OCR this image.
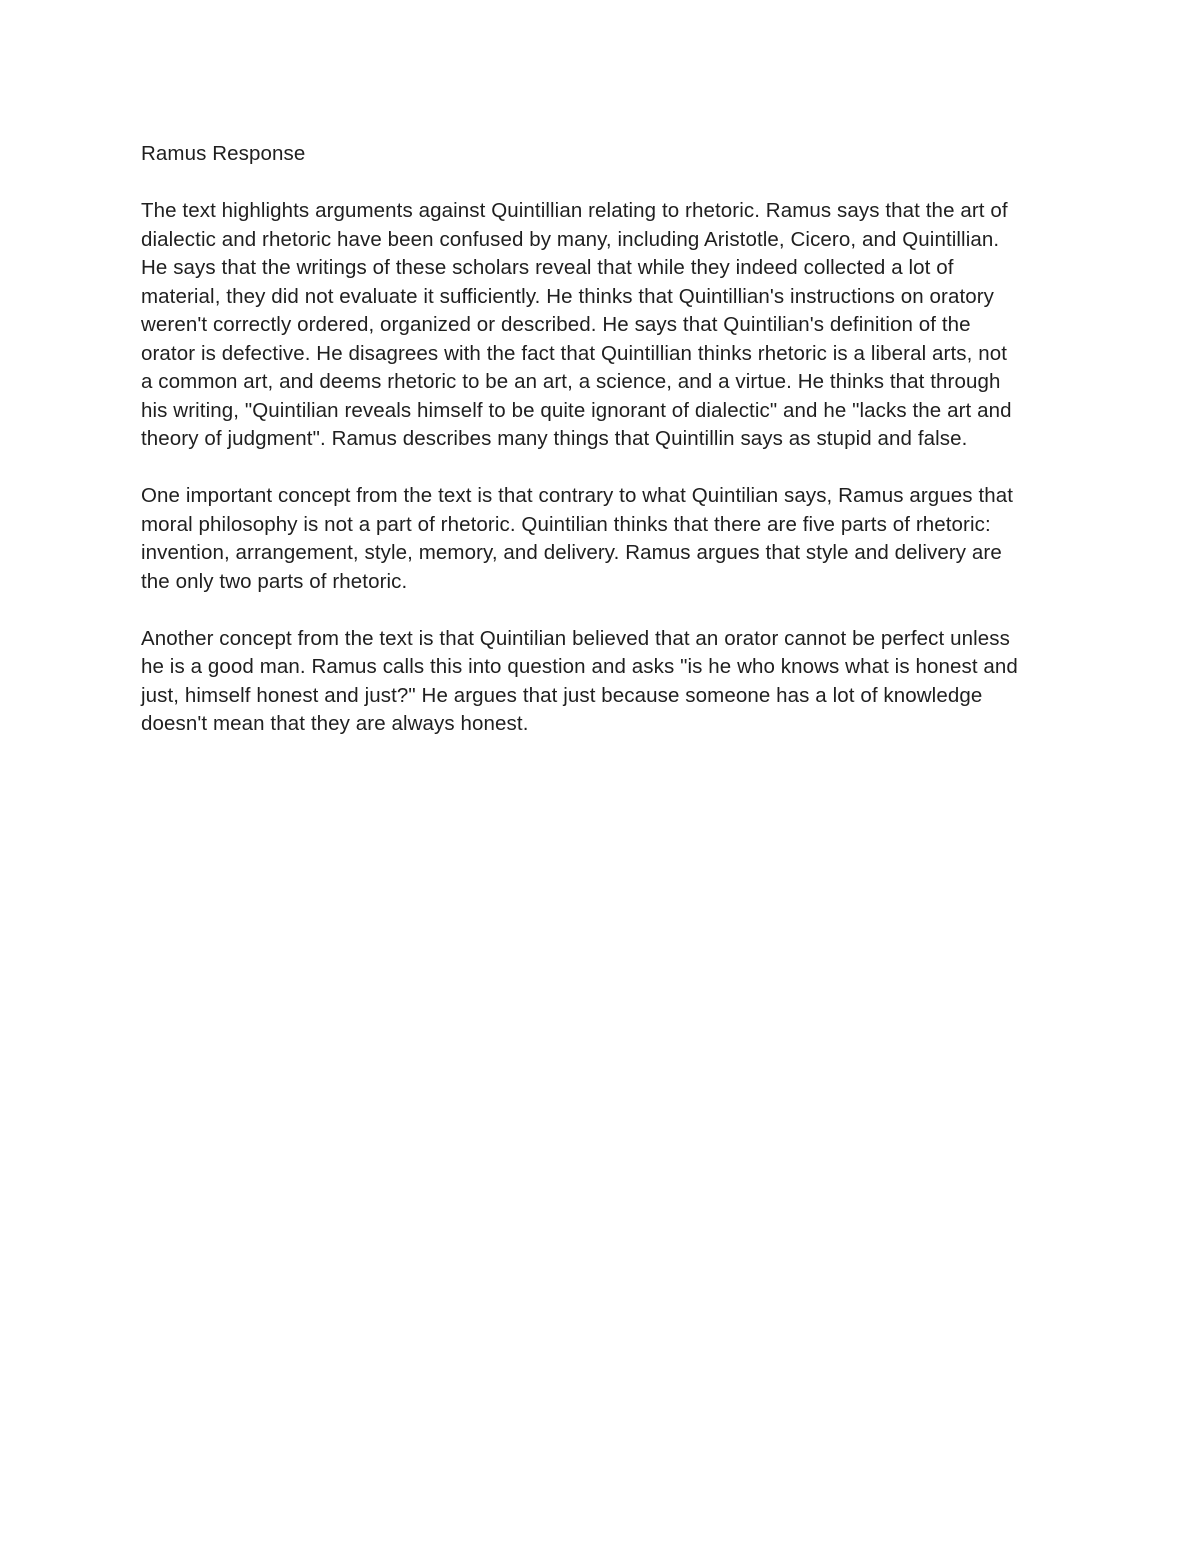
Ramus Response
The text highlights arguments against Quintillian relating to rhetoric. Ramus says that the art of
dialectic and rhetoric have been confused by many, including Aristotle, Cicero, and Quintillian.
He says that the writings of these scholars reveal that while they indeed collected a lot of
material, they did not evaluate it sufficiently. He thinks that Quintillian's instructions on oratory
weren't correctly ordered, organized or described. He says that Quintilian's definition of the
orator is defective. He disagrees with the fact that Quintillian thinks rhetoric is a liberal arts, not
a common art, and deems rhetoric to be an art, a science, and a virtue. He thinks that through
his writing, "Quintilian reveals himself to be quite ignorant of dialectic" and he "lacks the art and
theory of judgment". Ramus describes many things that Quintillin says as stupid and false.
One important concept from the text is that contrary to what Quintilian says, Ramus argues that
moral philosophy is not a part of rhetoric. Quintilian thinks that there are five parts of rhetoric:
invention, arrangement, style, memory, and delivery. Ramus argues that style and delivery are
the only two parts of rhetoric.
Another concept from the text is that Quintilian believed that an orator cannot be perfect unless
he is a good man. Ramus calls this into question and asks "is he who knows what is honest and
just, himself honest and just?" He argues that just because someone has a lot of knowledge
doesn't mean that they are always honest.
